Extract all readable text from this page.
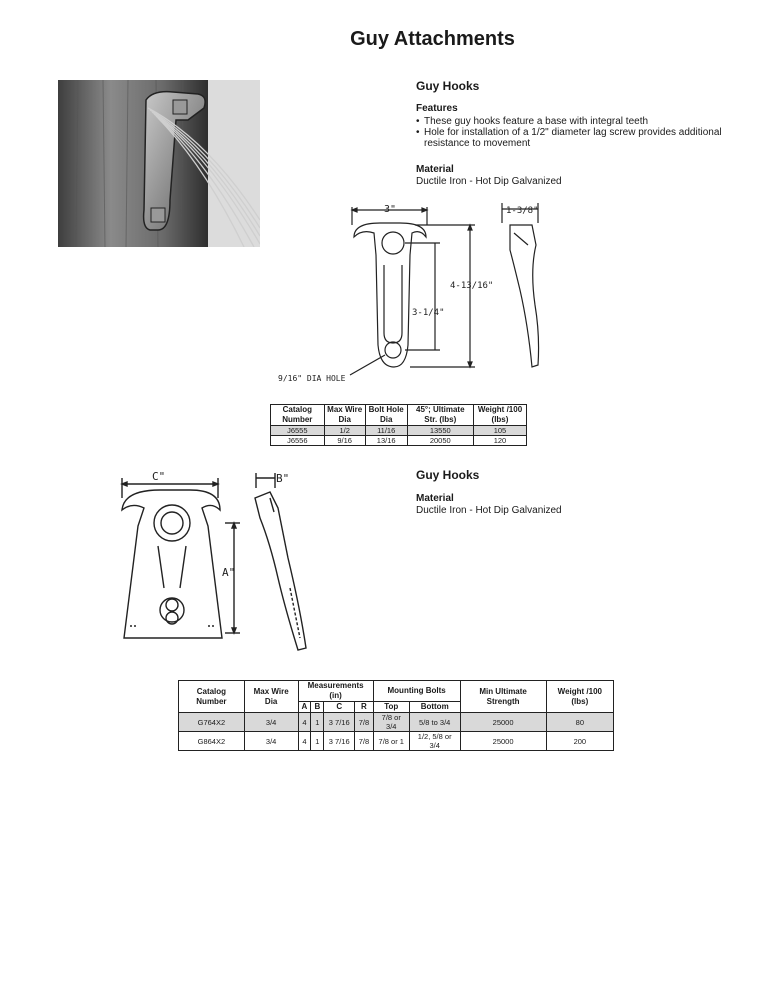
Guy Attachments
Guy Hooks
Features
• These guy hooks feature a base with integral teeth
• Hole for installation of a 1/2" diameter lag screw provides additional
resistance to movement
Material
Ductile Iron - Hot Dip Galvanized
3"
4-13/16"
3-1/4"
9/16" DIA HOLE
1-3/8"
Catalog Number	Max Wire Dia	Bolt Hole Dia	45°; Ultimate Str. (lbs)	Weight /100 (lbs)
J6555	1/2	11/16	13550	105
J6556	9/16	13/16	20050	120
Guy Hooks
Material
Ductile Iron - Hot Dip Galvanized
C"
A"
B"
Catalog Number	Max Wire Dia	Measurements (in)				Mounting Bolts		Min Ultimate Strength	Weight /100 (lbs)
		A	B	C	R	Top	Bottom		
G764X2	3/4	4	1	3 7/16	7/8	7/8 or 3/4	5/8 to 3/4	25000	80
G864X2	3/4	4	1	3 7/16	7/8	7/8 or 1	1/2, 5/8 or 3/4	25000	200
